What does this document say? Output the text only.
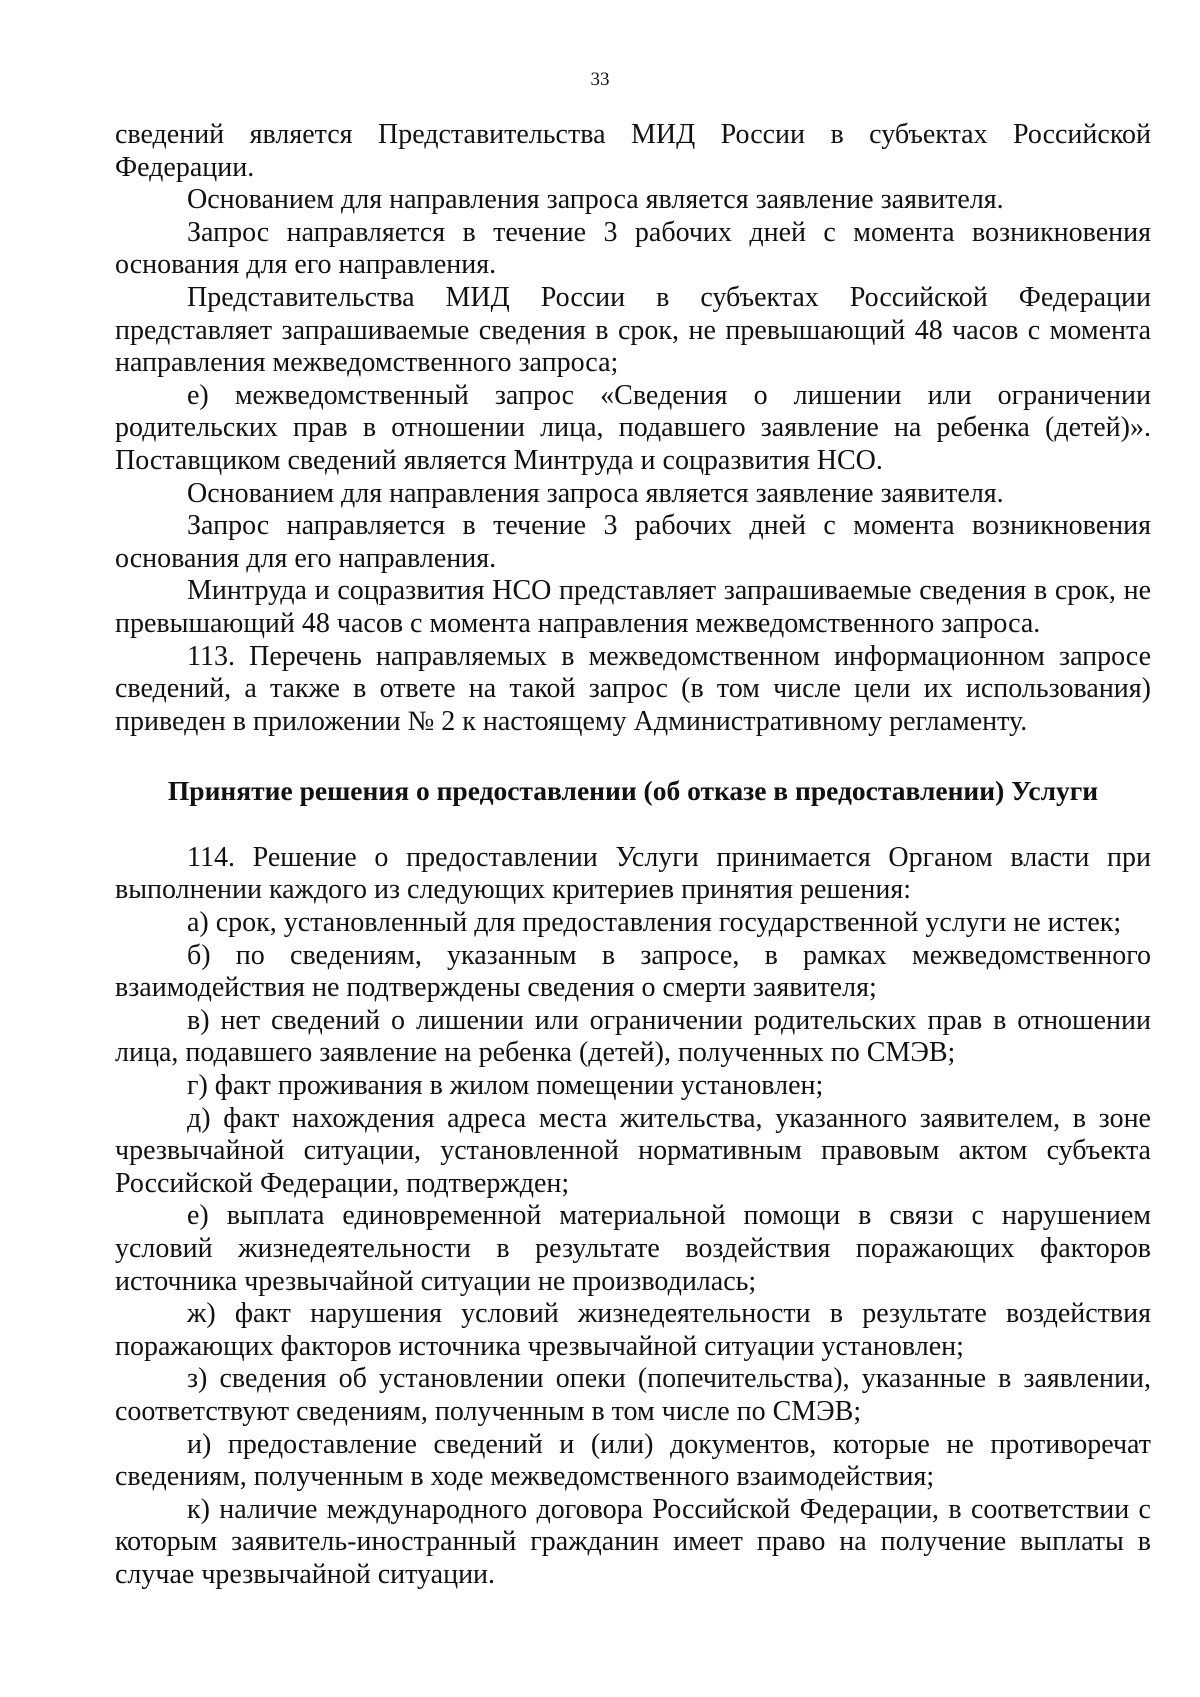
33

сведений является Представительства МИД России в субъектах Российской Федерации.

Основанием для направления запроса является заявление заявителя.

Запрос направляется в течение 3 рабочих дней с момента возникновения основания для его направления.

Представительства МИД России в субъектах Российской Федерации представляет запрашиваемые сведения в срок, не превышающий 48 часов с момента направления межведомственного запроса;

е) межведомственный запрос «Сведения о лишении или ограничении родительских прав в отношении лица, подавшего заявление на ребенка (детей)». Поставщиком сведений является Минтруда и соцразвития НСО.

Основанием для направления запроса является заявление заявителя.

Запрос направляется в течение 3 рабочих дней с момента возникновения основания для его направления.

Минтруда и соцразвития НСО представляет запрашиваемые сведения в срок, не превышающий 48 часов с момента направления межведомственного запроса.

113. Перечень направляемых в межведомственном информационном запросе сведений, а также в ответе на такой запрос (в том числе цели их использования) приведен в приложении № 2 к настоящему Административному регламенту.

Принятие решения о предоставлении (об отказе в предоставлении) Услуги

114. Решение о предоставлении Услуги принимается Органом власти при выполнении каждого из следующих критериев принятия решения:

а) срок, установленный для предоставления государственной услуги не истек;

б) по сведениям, указанным в запросе, в рамках межведомственного взаимодействия не подтверждены сведения о смерти заявителя;

в) нет сведений о лишении или ограничении родительских прав в отношении лица, подавшего заявление на ребенка (детей), полученных по СМЭВ;

г) факт проживания в жилом помещении установлен;

д) факт нахождения адреса места жительства, указанного заявителем, в зоне чрезвычайной ситуации, установленной нормативным правовым актом субъекта Российской Федерации, подтвержден;

е) выплата единовременной материальной помощи в связи с нарушением условий жизнедеятельности в результате воздействия поражающих факторов источника чрезвычайной ситуации не производилась;

ж) факт нарушения условий жизнедеятельности в результате воздействия поражающих факторов источника чрезвычайной ситуации установлен;

з) сведения об установлении опеки (попечительства), указанные в заявлении, соответствуют сведениям, полученным в том числе по СМЭВ;

и) предоставление сведений и (или) документов, которые не противоречат сведениям, полученным в ходе межведомственного взаимодействия;

к) наличие международного договора Российской Федерации, в соответствии с которым заявитель-иностранный гражданин имеет право на получение выплаты в случае чрезвычайной ситуации.
